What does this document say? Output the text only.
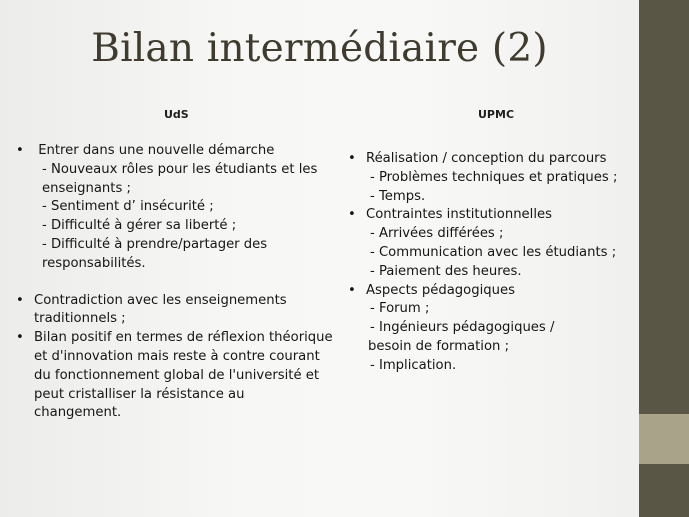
Bilan intermédiaire (2)
UdS	UPMC
• Entrer dans une nouvelle démarche
- Nouveaux rôles pour les étudiants et les enseignants ;
- Sentiment d’ insécurité ;
- Difficulté à gérer sa liberté ;
- Difficulté à prendre/partager des responsabilités.
• Contradiction avec les enseignements traditionnels ;
• Bilan positif en termes de réflexion théorique et d'innovation mais reste à contre courant du fonctionnement global de l'université et peut cristalliser la résistance au changement.
• Réalisation / conception du parcours
- Problèmes techniques et pratiques ;
- Temps.
• Contraintes institutionnelles
- Arrivées différées ;
- Communication avec les étudiants ;
- Paiement des heures.
• Aspects pédagogiques
- Forum ;
- Ingénieurs pédagogiques /
besoin de formation ;
- Implication.
